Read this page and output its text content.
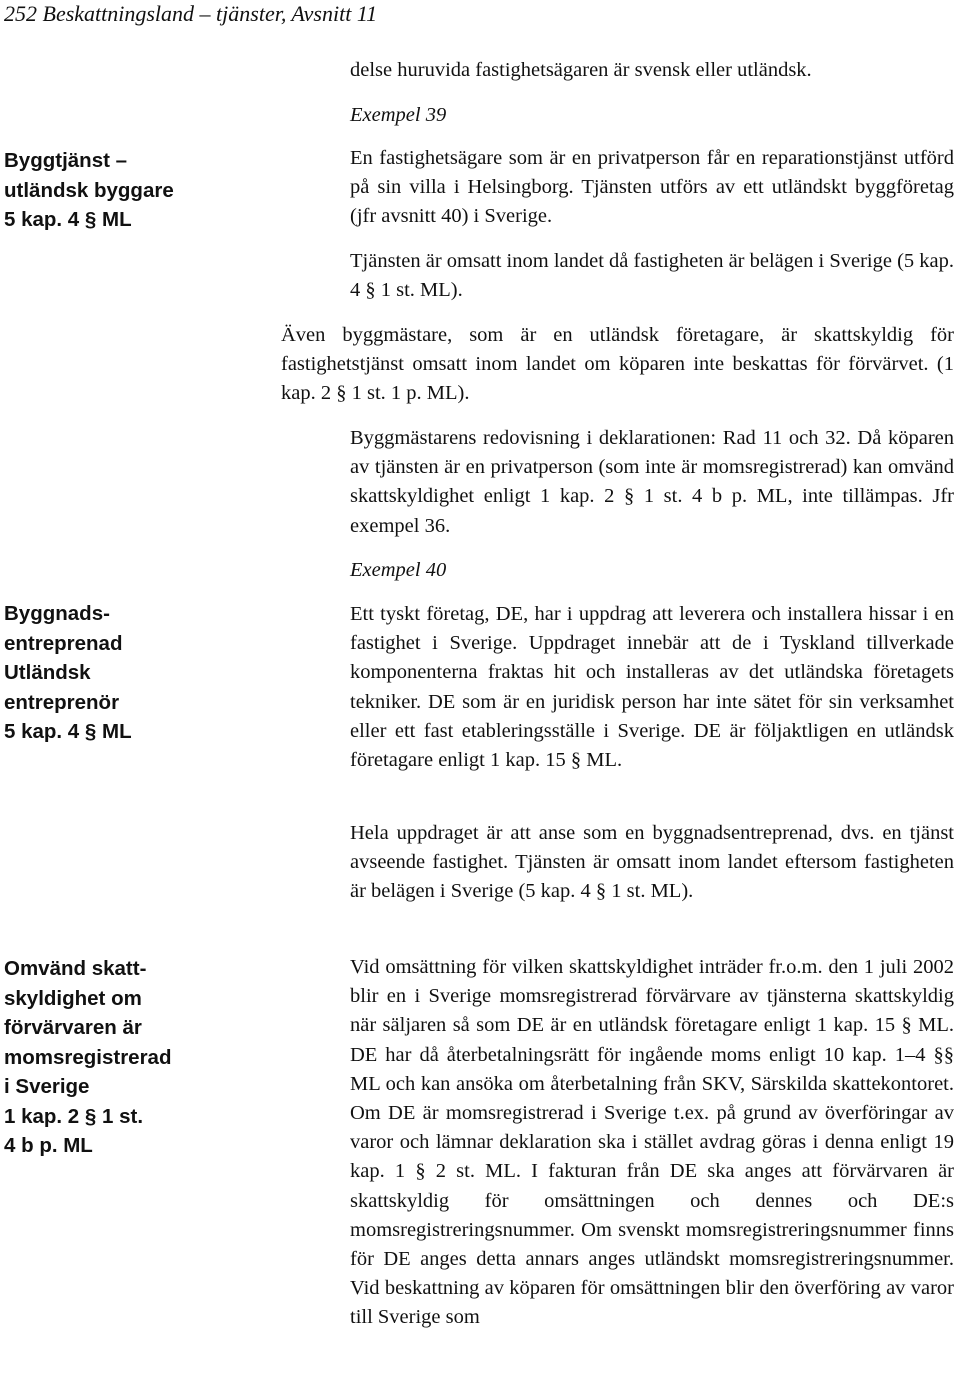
252 Beskattningsland – tjänster, Avsnitt 11
Byggtjänst –
utländsk byggare
5 kap. 4 § ML
Byggnads-
entreprenad
Utländsk
entreprenör
5 kap. 4 § ML
Omvänd skatt-
skyldighet om
förvärvaren är
momsregistrerad
i Sverige
1 kap. 2 § 1 st.
4 b p. ML

delse huruvida fastighetsägaren är svensk eller utländsk.

Exempel 39

En fastighetsägare som är en privatperson får en reparationstjänst utförd på sin villa i Helsingborg. Tjänsten utförs av ett utländskt byggföretag (jfr avsnitt 40) i Sverige.

Tjänsten är omsatt inom landet då fastigheten är belägen i Sverige (5 kap. 4 § 1 st. ML).

Även byggmästare, som är en utländsk företagare, är skattskyldig för fastighetstjänst omsatt inom landet om köparen inte beskattas för förvärvet. (1 kap. 2 § 1 st. 1 p. ML).

Byggmästarens redovisning i deklarationen: Rad 11 och 32. Då köparen av tjänsten är en privatperson (som inte är momsregistrerad) kan omvänd skattskyldighet enligt 1 kap. 2 § 1 st. 4 b p. ML, inte tillämpas. Jfr exempel 36.

Exempel 40

Ett tyskt företag, DE, har i uppdrag att leverera och installera hissar i en fastighet i Sverige. Uppdraget innebär att de i Tyskland tillverkade komponenterna fraktas hit och installeras av det utländska företagets tekniker. DE som är en juridisk person har inte sätet för sin verksamhet eller ett fast etableringsställe i Sverige. DE är följaktligen en utländsk företagare enligt 1 kap. 15 § ML.

Hela uppdraget är att anse som en byggnadsentreprenad, dvs. en tjänst avseende fastighet. Tjänsten är omsatt inom landet eftersom fastigheten är belägen i Sverige (5 kap. 4 § 1 st. ML).

Vid omsättning för vilken skattskyldighet inträder fr.o.m. den 1 juli 2002 blir en i Sverige momsregistrerad förvärvare av tjänsterna skattskyldig när säljaren så som DE är en utländsk företagare enligt 1 kap. 15 § ML. DE har då återbetalningsrätt för ingående moms enligt 10 kap. 1–4 §§ ML och kan ansöka om återbetalning från SKV, Särskilda skattekontoret. Om DE är momsregistrerad i Sverige t.ex. på grund av överföringar av varor och lämnar deklaration ska i stället avdrag göras i denna enligt 19 kap. 1 § 2 st. ML. I fakturan från DE ska anges att förvärvaren är skattskyldig för omsättningen och dennes och DE:s momsregistreringsnummer. Om svenskt momsregistreringsnummer finns för DE anges detta annars anges utländskt momsregistreringsnummer. Vid beskattning av köparen för omsättningen blir den överföring av varor till Sverige som
